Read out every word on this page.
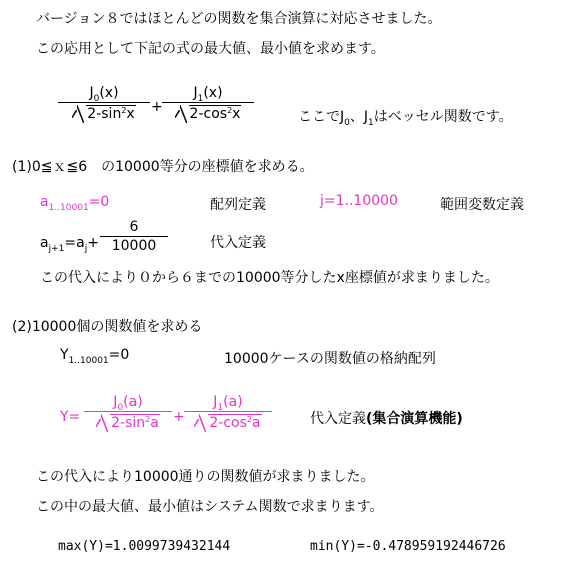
バージョン８ではほとんどの関数を集合演算に対応させました。
この応用として下記の式の最大値、最小値を求めます。
$J_0(x)$
$2-\sin^2x$	+
$J_1(x)$
$2-\cos^2x$	ここで$J_0$、$J_1$はベッセル関数です。
(1)0≦ｘ≦6　の10000等分の座標値を求める。
$a_{1..10001}=0$	配列定義	j=1..10000	範囲変数定義
$a_{j+1}=a_j+$
6
10000	代入定義
この代入により０から６までの10000等分したx座標値が求まりました。
(2)10000個の関数値を求める
$Y_{1..10001}=0$	10000ケースの関数値の格納配列
Y=
$J_0(a)$
$2-\sin^2a$	+
$J_1(a)$
$2-\cos^2a$	代入定義(集合演算機能)
この代入により10000通りの関数値が求まりました。
この中の最大値、最小値はシステム関数で求まります。
max(Y)=1.0099739432144	min(Y)=-0.478959192446726
